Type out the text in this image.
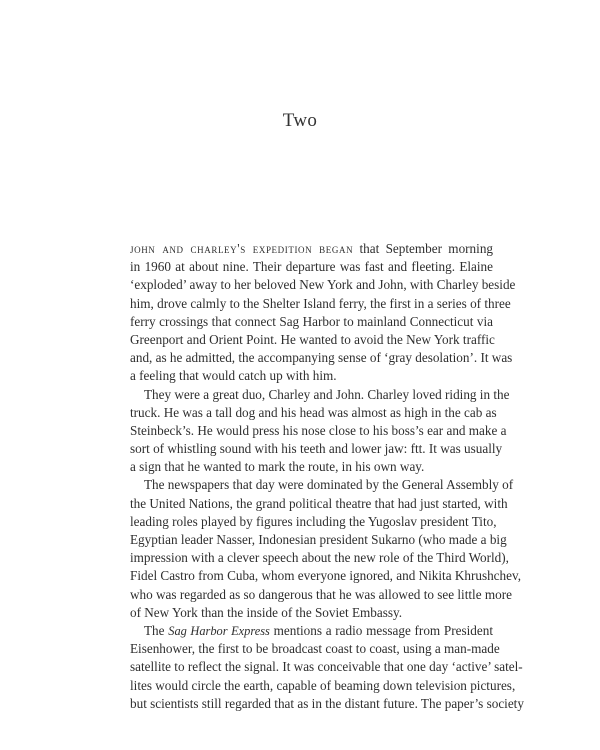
Two
john and charley's expedition began that September morning
in 1960 at about nine. Their departure was fast and fleeting. Elaine
‘exploded’ away to her beloved New York and John, with Charley beside
him, drove calmly to the Shelter Island ferry, the first in a series of three
ferry crossings that connect Sag Harbor to mainland Connecticut via
Greenport and Orient Point. He wanted to avoid the New York traffic
and, as he admitted, the accompanying sense of ‘gray desolation’. It was
a feeling that would catch up with him.
They were a great duo, Charley and John. Charley loved riding in the
truck. He was a tall dog and his head was almost as high in the cab as
Steinbeck’s. He would press his nose close to his boss’s ear and make a
sort of whistling sound with his teeth and lower jaw: ftt. It was usually
a sign that he wanted to mark the route, in his own way.
The newspapers that day were dominated by the General Assembly of
the United Nations, the grand political theatre that had just started, with
leading roles played by figures including the Yugoslav president Tito,
Egyptian leader Nasser, Indonesian president Sukarno (who made a big
impression with a clever speech about the new role of the Third World),
Fidel Castro from Cuba, whom everyone ignored, and Nikita Khrushchev,
who was regarded as so dangerous that he was allowed to see little more
of New York than the inside of the Soviet Embassy.
The Sag Harbor Express mentions a radio message from President
Eisenhower, the first to be broadcast coast to coast, using a man-made
satellite to reflect the signal. It was conceivable that one day ‘active’ satel-
lites would circle the earth, capable of beaming down television pictures,
but scientists still regarded that as in the distant future. The paper’s society
